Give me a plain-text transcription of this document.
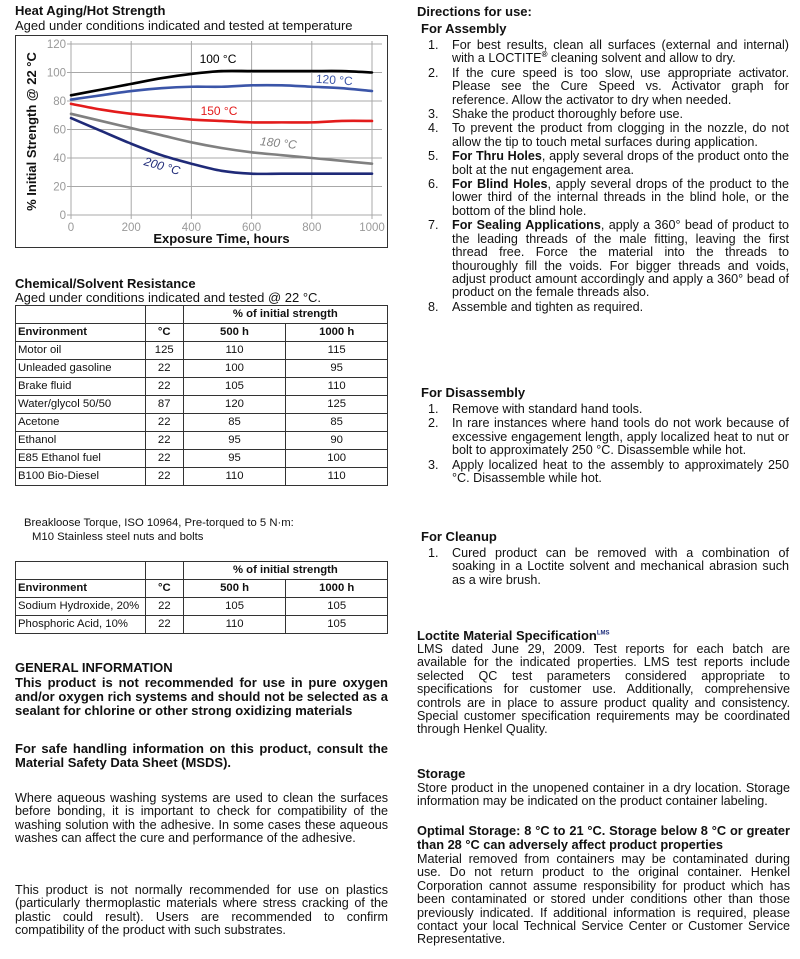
Heat Aging/Hot Strength
Aged under conditions indicated and tested at temperature
0
20
40
60
80
100
120
0	200	400	600	800	1000
100 °C
120 °C
150 °C
180 °C
200 °C
Exposure Time, hours
% Initial Strength @ 22 °C
Chemical/Solvent Resistance
Aged under conditions indicated and tested @ 22 °C.
		% of initial strength	
Environment	°C	500 h	1000 h
Motor oil	125	110	115
Unleaded gasoline	22	100	95
Brake fluid	22	105	110
Water/glycol 50/50	87	120	125
Acetone	22	85	85
Ethanol	22	95	90
E85 Ethanol fuel	22	95	100
B100 Bio-Diesel	22	110	110
Breakloose Torque, ISO 10964, Pre-torqued to 5 N·m:
M10 Stainless steel nuts and bolts
		% of initial strength	
Environment	°C	500 h	1000 h
Sodium Hydroxide, 20%	22	105	105
Phosphoric Acid, 10%	22	110	105
GENERAL INFORMATION
This product is not recommended for use in pure oxygen and/or oxygen rich systems and should not be selected as a sealant for chlorine or other strong oxidizing materials
For safe handling information on this product, consult the Material Safety Data Sheet (MSDS).
Where aqueous washing systems are used to clean the surfaces before bonding, it is important to check for compatibility of the washing solution with the adhesive. In some cases these aqueous washes can affect the cure and performance of the adhesive.
This product is not normally recommended for use on plastics (particularly thermoplastic materials where stress cracking of the plastic could result). Users are recommended to confirm compatibility of the product with such substrates.
Directions for use:
For Assembly
1. For best results, clean all surfaces (external and internal) with a LOCTITE® cleaning solvent and allow to dry.
2. If the cure speed is too slow, use appropriate activator. Please see the Cure Speed vs. Activator graph for reference. Allow the activator to dry when needed.
3. Shake the product thoroughly before use.
4. To prevent the product from clogging in the nozzle, do not allow the tip to touch metal surfaces during application.
5. For Thru Holes, apply several drops of the product onto the bolt at the nut engagement area.
6. For Blind Holes, apply several drops of the product to the lower third of the internal threads in the blind hole, or the bottom of the blind hole.
7. For Sealing Applications, apply a 360° bead of product to the leading threads of the male fitting, leaving the first thread free. Force the material into the threads to thouroughly fill the voids. For bigger threads and voids, adjust product amount accordingly and apply a 360° bead of product on the female threads also.
8. Assemble and tighten as required.
For Disassembly
1. Remove with standard hand tools.
2. In rare instances where hand tools do not work because of excessive engagement length, apply localized heat to nut or bolt to approximately 250 °C. Disassemble while hot.
3. Apply localized heat to the assembly to approximately 250 °C. Disassemble while hot.
For Cleanup
1. Cured product can be removed with a combination of soaking in a Loctite solvent and mechanical abrasion such as a wire brush.
Loctite Material Specification$^{LMS}$
LMS dated June 29, 2009. Test reports for each batch are available for the indicated properties. LMS test reports include selected QC test parameters considered appropriate to specifications for customer use. Additionally, comprehensive controls are in place to assure product quality and consistency. Special customer specification requirements may be coordinated through Henkel Quality.
Storage
Store product in the unopened container in a dry location. Storage information may be indicated on the product container labeling.
Optimal Storage: 8 °C to 21 °C. Storage below 8 °C or greater than 28 °C can adversely affect product properties
Material removed from containers may be contaminated during use. Do not return product to the original container. Henkel Corporation cannot assume responsibility for product which has been contaminated or stored under conditions other than those previously indicated. If additional information is required, please contact your local Technical Service Center or Customer Service Representative.
